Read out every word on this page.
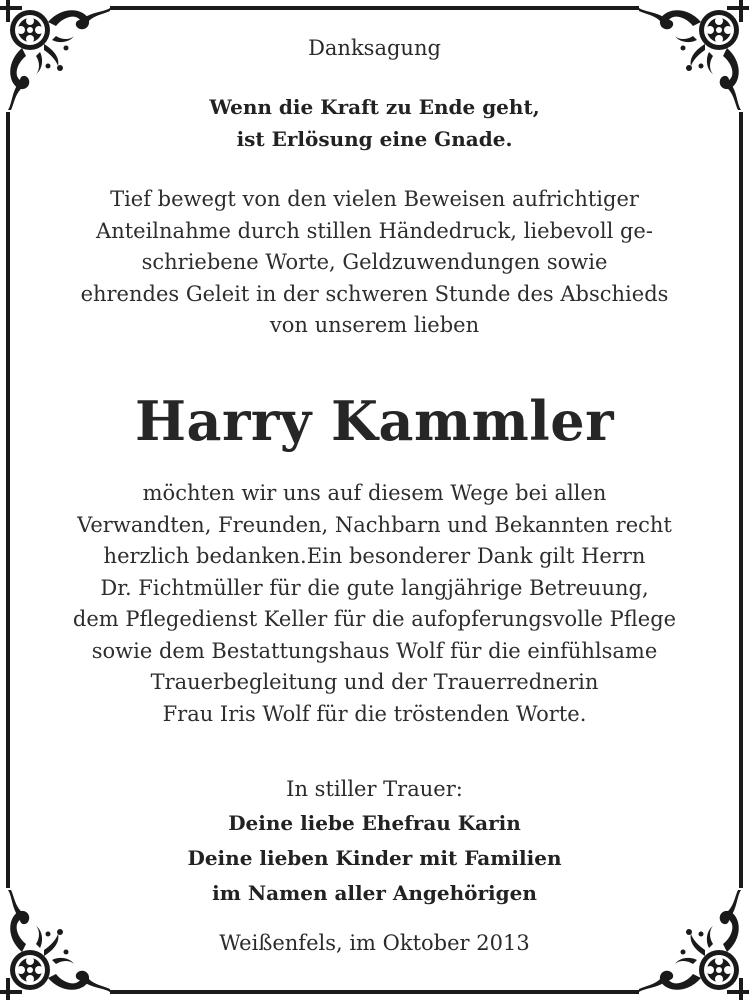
Danksagung
Wenn die Kraft zu Ende geht,
ist Erlösung eine Gnade.
Tief bewegt von den vielen Beweisen aufrichtiger
Anteilnahme durch stillen Händedruck, liebevoll ge-
schriebene Worte, Geldzuwendungen sowie
ehrendes Geleit in der schweren Stunde des Abschieds
von unserem lieben
Harry Kammler
möchten wir uns auf diesem Wege bei allen
Verwandten, Freunden, Nachbarn und Bekannten recht
herzlich bedanken.Ein besonderer Dank gilt Herrn
Dr. Fichtmüller für die gute langjährige Betreuung,
dem Pflegedienst Keller für die aufopferungsvolle Pflege
sowie dem Bestattungshaus Wolf für die einfühlsame
Trauerbegleitung und der Trauerrednerin
Frau Iris Wolf für die tröstenden Worte.
In stiller Trauer:
Deine liebe Ehefrau Karin
Deine lieben Kinder mit Familien
im Namen aller Angehörigen
Weißenfels, im Oktober 2013
